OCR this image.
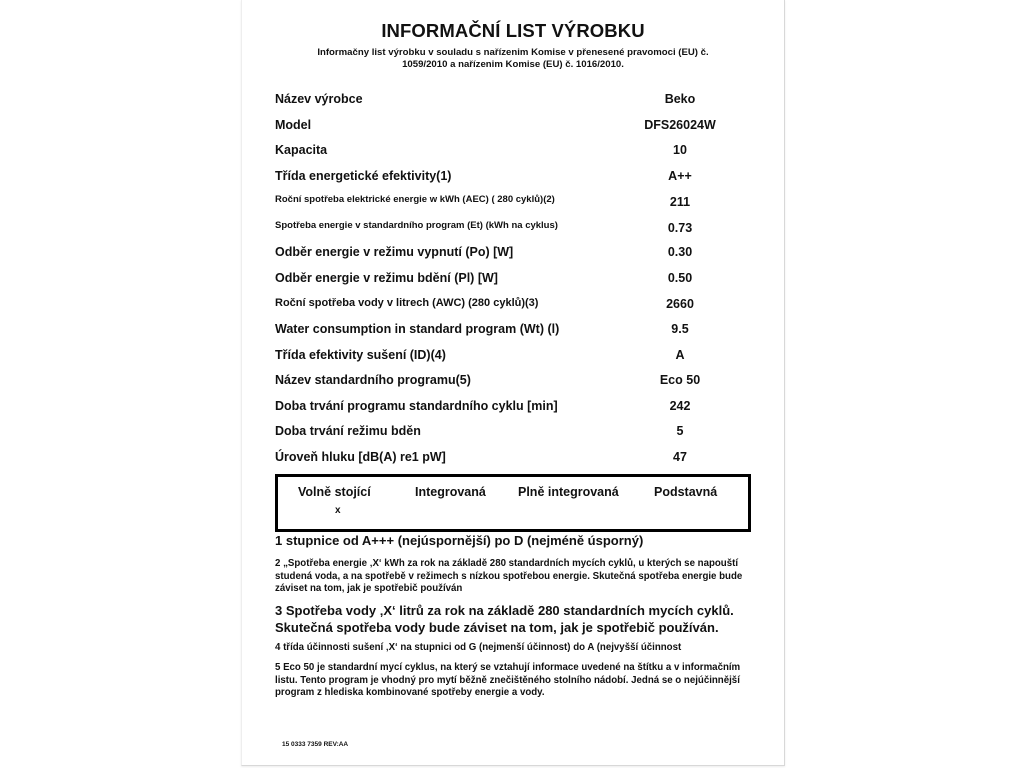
INFORMAČNÍ LIST VÝROBKU
Informačny list výrobku v souladu s nařízenim Komise v přenesené pravomoci (EU) č. 1059/2010 a nařízenim Komise (EU) č. 1016/2010.
Název výrobce	Beko
Model	DFS26024W
Kapacita	10
Třída energetické efektivity(1)	A++
Roční spotřeba elektrické energie w kWh (AEC) ( 280 cyklů)(2)	211
Spotřeba energie v standardního program (Et) (kWh na cyklus)	0.73
Odběr energie v režimu vypnutí (Po) [W]	0.30
Odběr energie v režimu bdění (Pl) [W]	0.50
Roční spotřeba vody v litrech (AWC) (280 cyklů)(3)	2660
Water consumption in standard program (Wt) (l)	9.5
Třída efektivity sušení (ID)(4)	A
Název standardního programu(5)	Eco 50
Doba trvání programu standardního cyklu [min]	242
Doba trvání režimu bděn	5
Úroveň hluku [dB(A) re1 pW]	47
Volně stojící	Integrovaná	Plně integrovaná	Podstavná
x
1 stupnice od A+++ (nejúspornější) po D (nejméně úsporný)
2 „Spotřeba energie ‚X‘ kWh za rok na základě 280 standardních mycích cyklů, u kterých se napouští studená voda, a na spotřebě v režimech s nízkou spotřebou energie. Skutečná spotřeba energie bude záviset na tom, jak je spotřebič používán
3 Spotřeba vody ‚X‘ litrů za rok na základě 280 standardních mycích cyklů. Skutečná spotřeba vody bude záviset na tom, jak je spotřebič používán.
4 třída účinnosti sušení ‚X‘ na stupnici od G (nejmenší účinnost) do A (nejvyšší účinnost
5 Eco 50 je standardní mycí cyklus, na který se vztahují informace uvedené na štítku a v informačním listu. Tento program je vhodný pro mytí běžně znečištěného stolního nádobí. Jedná se o nejúčinnější program z hlediska kombinované spotřeby energie a vody.
15 0333 7359 REV:AA
